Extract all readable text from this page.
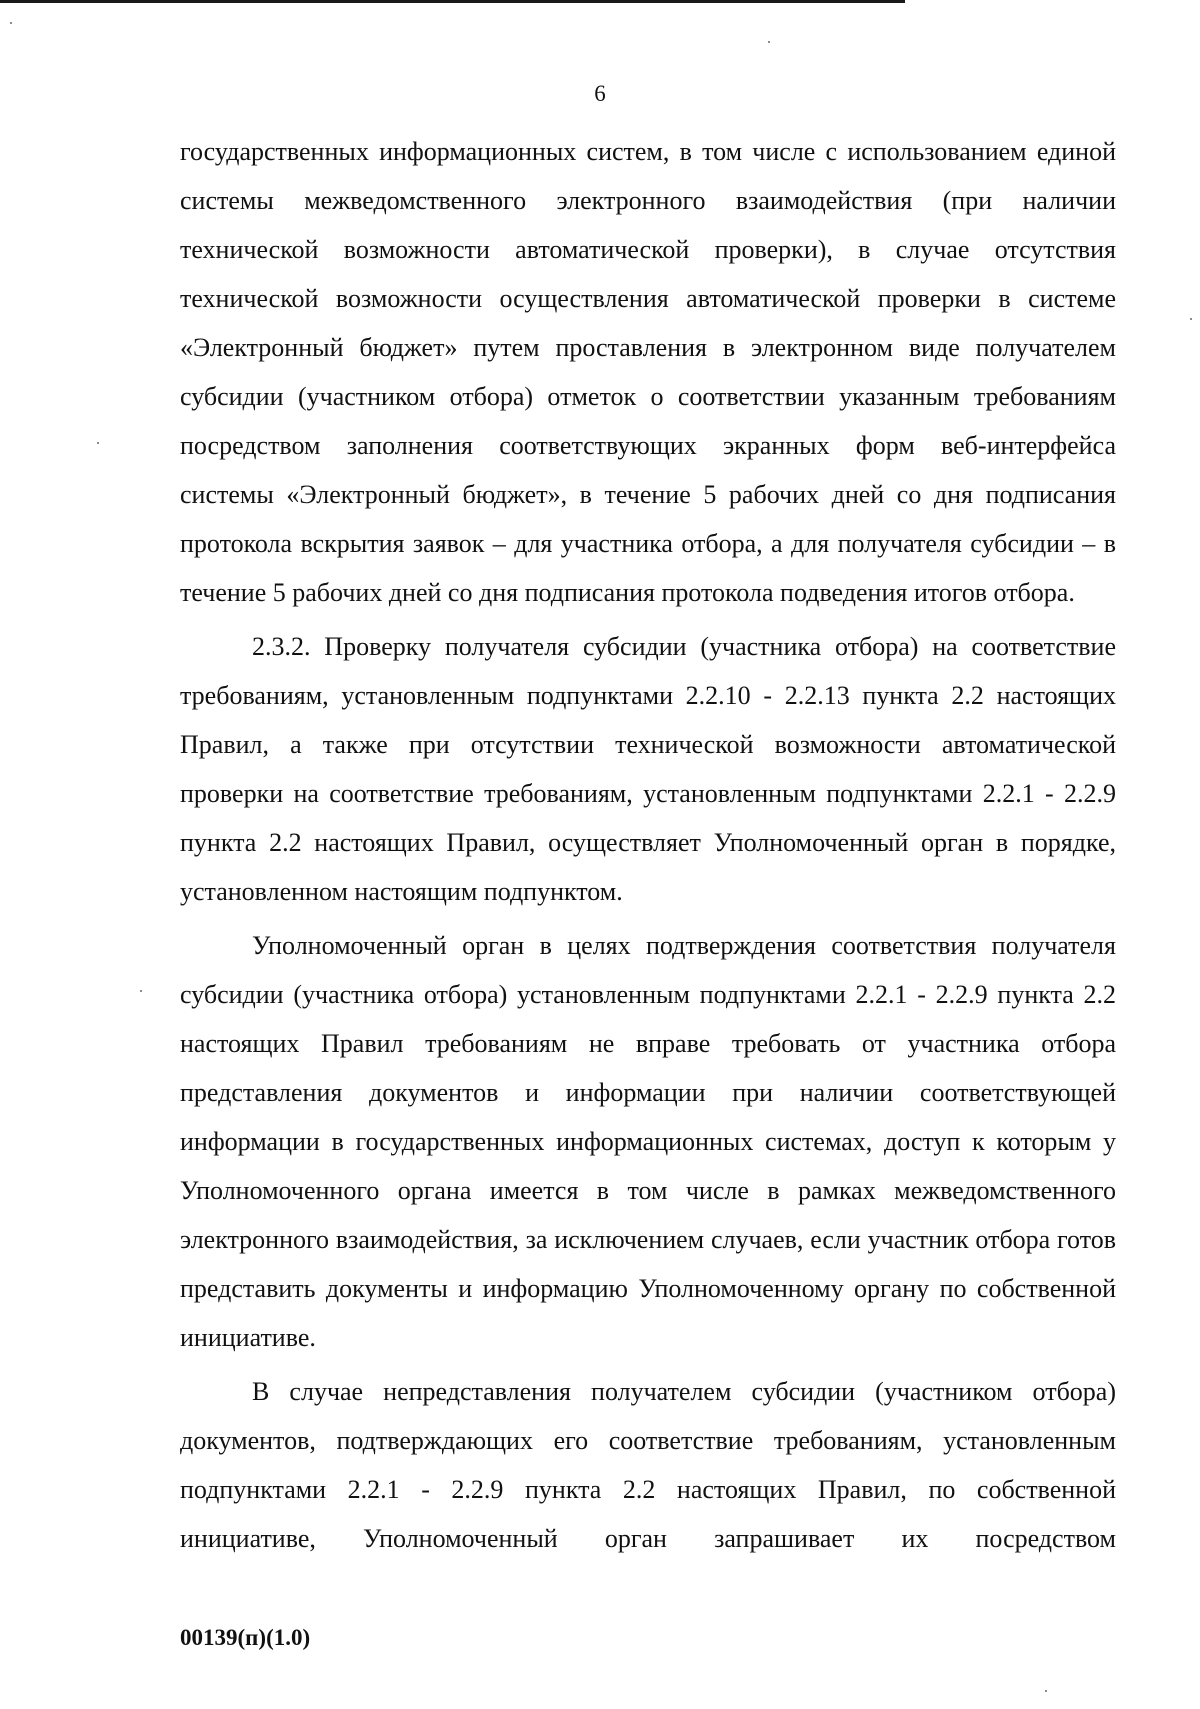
6

государственных информационных систем, в том числе с использованием единой системы межведомственного электронного взаимодействия (при наличии технической возможности автоматической проверки), в случае отсутствия технической возможности осуществления автоматической проверки в системе «Электронный бюджет» путем проставления в электронном виде получателем субсидии (участником отбора) отметок о соответствии указанным требованиям посредством заполнения соответствующих экранных форм веб-интерфейса системы «Электронный бюджет», в течение 5 рабочих дней со дня подписания протокола вскрытия заявок – для участника отбора, а для получателя субсидии – в течение 5 рабочих дней со дня подписания протокола подведения итогов отбора.

2.3.2. Проверку получателя субсидии (участника отбора) на соответствие требованиям, установленным подпунктами 2.2.10 - 2.2.13 пункта 2.2 настоящих Правил, а также при отсутствии технической возможности автоматической проверки на соответствие требованиям, установленным подпунктами 2.2.1 - 2.2.9 пункта 2.2 настоящих Правил, осуществляет Уполномоченный орган в порядке, установленном настоящим подпунктом.

Уполномоченный орган в целях подтверждения соответствия получателя субсидии (участника отбора) установленным подпунктами 2.2.1 - 2.2.9 пункта 2.2 настоящих Правил требованиям не вправе требовать от участника отбора представления документов и информации при наличии соответствующей информации в государственных информационных системах, доступ к которым у Уполномоченного органа имеется в том числе в рамках межведомственного электронного взаимодействия, за исключением случаев, если участник отбора готов представить документы и информацию Уполномоченному органу по собственной инициативе.

В случае непредставления получателем субсидии (участником отбора) документов, подтверждающих его соответствие требованиям, установленным подпунктами 2.2.1 - 2.2.9 пункта 2.2 настоящих Правил, по собственной инициативе, Уполномоченный орган запрашивает их посредством

00139(п)(1.0)
